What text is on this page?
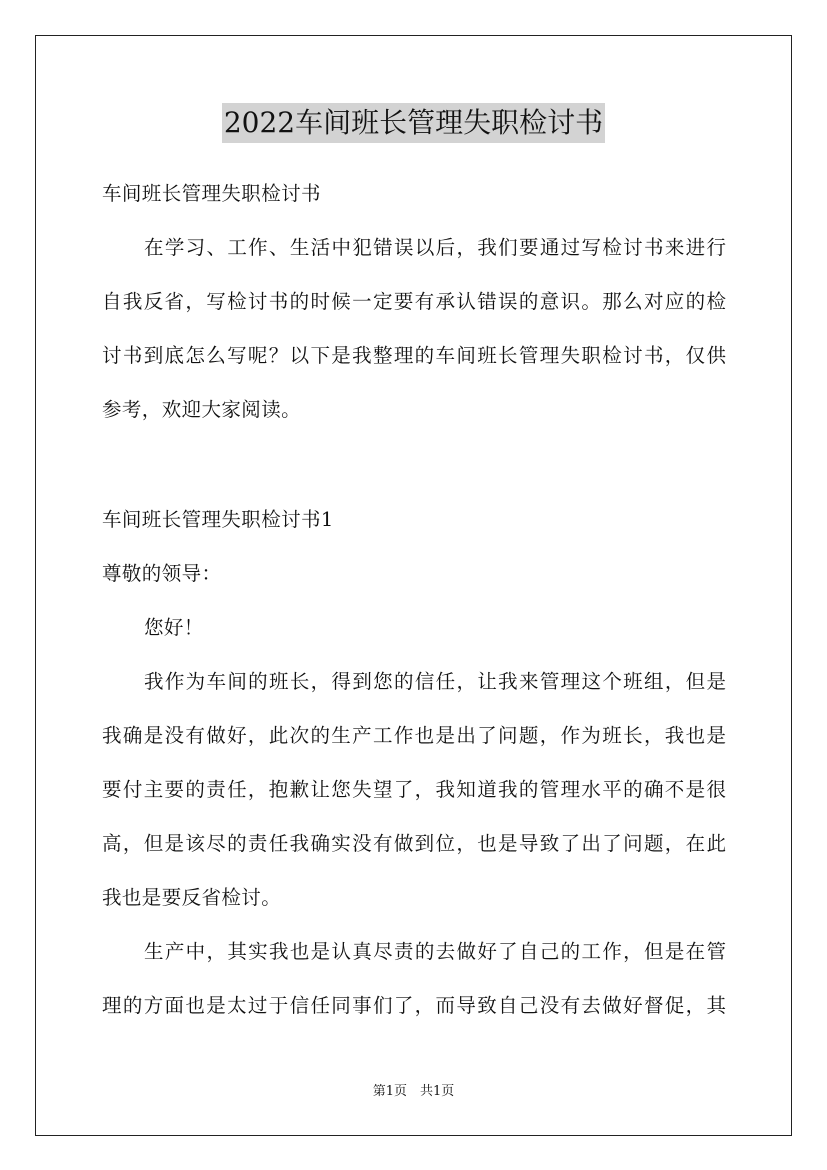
2022车间班长管理失职检讨书
车间班长管理失职检讨书
在学习、工作、生活中犯错误以后，我们要通过写检讨书来进行
自我反省，写检讨书的时候一定要有承认错误的意识。那么对应的检
讨书到底怎么写呢？以下是我整理的车间班长管理失职检讨书，仅供
参考，欢迎大家阅读。
车间班长管理失职检讨书1
尊敬的领导：
您好！
我作为车间的班长，得到您的信任，让我来管理这个班组，但是
我确是没有做好，此次的生产工作也是出了问题，作为班长，我也是
要付主要的责任，抱歉让您失望了，我知道我的管理水平的确不是很
高，但是该尽的责任我确实没有做到位，也是导致了出了问题，在此
我也是要反省检讨。
生产中，其实我也是认真尽责的去做好了自己的工作，但是在管
理的方面也是太过于信任同事们了，而导致自己没有去做好督促，其
第1页　共1页
